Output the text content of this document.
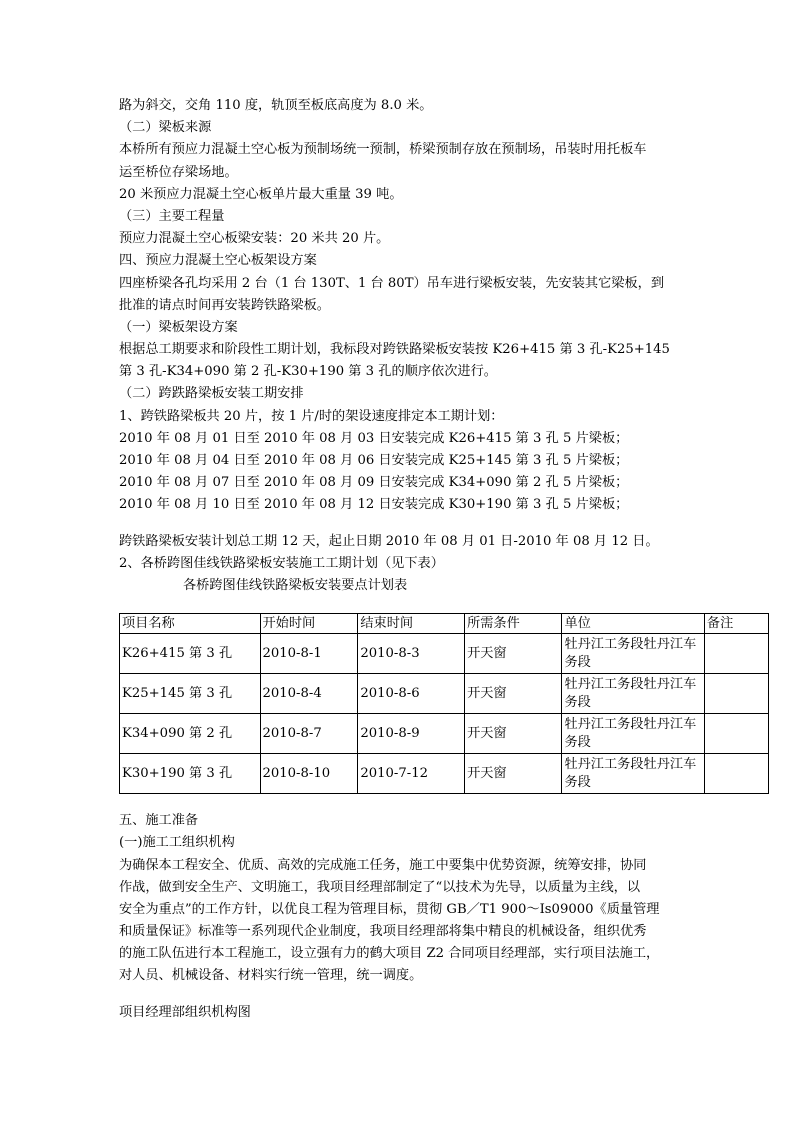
路为斜交，交角 110 度，轨顶至板底高度为 8.0 米。
（二）梁板来源
本桥所有预应力混凝土空心板为预制场统一预制，桥梁预制存放在预制场，吊装时用托板车
运至桥位存梁场地。
20 米预应力混凝土空心板单片最大重量 39 吨。
（三）主要工程量
预应力混凝土空心板梁安装：20 米共 20 片。
四、预应力混凝土空心板架设方案
四座桥梁各孔均采用 2 台（1 台 130T、1 台 80T）吊车进行梁板安装，先安装其它梁板，到
批准的请点时间再安装跨铁路梁板。
（一）梁板架设方案
根据总工期要求和阶段性工期计划，我标段对跨铁路梁板安装按 K26+415 第 3 孔-K25+145
第 3 孔-K34+090 第 2 孔-K30+190 第 3 孔的顺序依次进行。
（二）跨跌路梁板安装工期安排
1、跨铁路梁板共 20 片，按 1 片/时的架设速度排定本工期计划：
2010 年 08 月 01 日至 2010 年 08 月 03 日安装完成 K26+415 第 3 孔 5 片梁板；
2010 年 08 月 04 日至 2010 年 08 月 06 日安装完成 K25+145 第 3 孔 5 片梁板；
2010 年 08 月 07 日至 2010 年 08 月 09 日安装完成 K34+090 第 2 孔 5 片梁板；
2010 年 08 月 10 日至 2010 年 08 月 12 日安装完成 K30+190 第 3 孔 5 片梁板；
跨铁路梁板安装计划总工期 12 天，起止日期 2010 年 08 月 01 日-2010 年 08 月 12 日。
2、各桥跨图佳线铁路梁板安装施工工期计划（见下表）
各桥跨图佳线铁路梁板安装要点计划表
项目名称	开始时间	结束时间	所需条件	单位	备注
K26+415 第 3 孔	2010-8-1	2010-8-3	开天窗	牡丹江工务段牡丹江车务段	
K25+145 第 3 孔	2010-8-4	2010-8-6	开天窗	牡丹江工务段牡丹江车务段	
K34+090 第 2 孔	2010-8-7	2010-8-9	开天窗	牡丹江工务段牡丹江车务段	
K30+190 第 3 孔	2010-8-10	2010-7-12	开天窗	牡丹江工务段牡丹江车务段	
五、施工准备
(一)施工工组织机构
为确保本工程安全、优质、高效的完成施工任务，施工中要集中优势资源，统筹安排，协同
作战，做到安全生产、文明施工，我项目经理部制定了“以技术为先导，以质量为主线，以
安全为重点”的工作方针，以优良工程为管理目标，贯彻 GB／T1 900～Is09000《质量管理
和质量保证》标准等一系列现代企业制度，我项目经理部将集中精良的机械设备，组织优秀
的施工队伍进行本工程施工，设立强有力的鹤大项目 Z2 合同项目经理部，实行项目法施工，
对人员、机械设备、材料实行统一管理，统一调度。
项目经理部组织机构图
